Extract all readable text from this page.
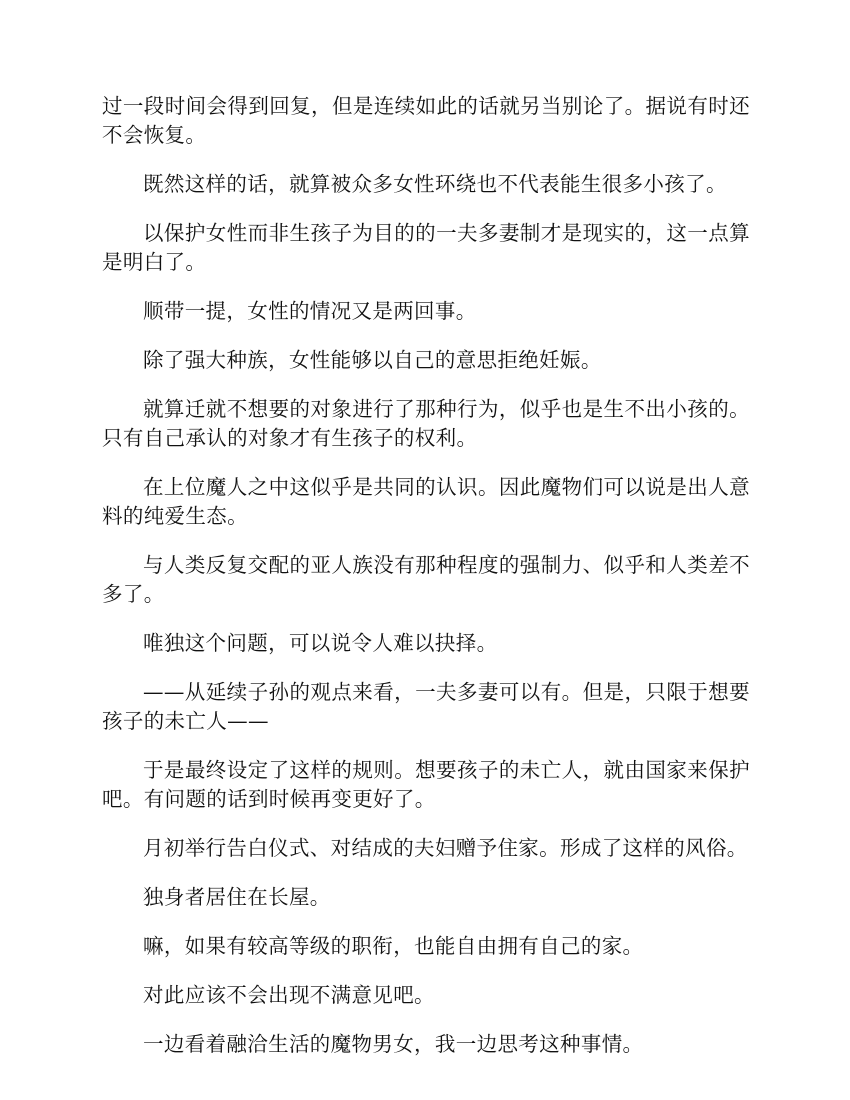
过一段时间会得到回复，但是连续如此的话就另当别论了。据说有时还不会恢复。

既然这样的话，就算被众多女性环绕也不代表能生很多小孩了。

以保护女性而非生孩子为目的的一夫多妻制才是现实的，这一点算是明白了。

顺带一提，女性的情况又是两回事。

除了强大种族，女性能够以自己的意思拒绝妊娠。

就算迁就不想要的对象进行了那种行为，似乎也是生不出小孩的。只有自己承认的对象才有生孩子的权利。

在上位魔人之中这似乎是共同的认识。因此魔物们可以说是出人意料的纯爱生态。

与人类反复交配的亚人族没有那种程度的强制力、似乎和人类差不多了。

唯独这个问题，可以说令人难以抉择。

——从延续子孙的观点来看，一夫多妻可以有。但是，只限于想要孩子的未亡人——

于是最终设定了这样的规则。想要孩子的未亡人，就由国家来保护吧。有问题的话到时候再变更好了。

月初举行告白仪式、对结成的夫妇赠予住家。形成了这样的风俗。

独身者居住在长屋。

嘛，如果有较高等级的职衔，也能自由拥有自己的家。

对此应该不会出现不满意见吧。

一边看着融洽生活的魔物男女，我一边思考这种事情。
